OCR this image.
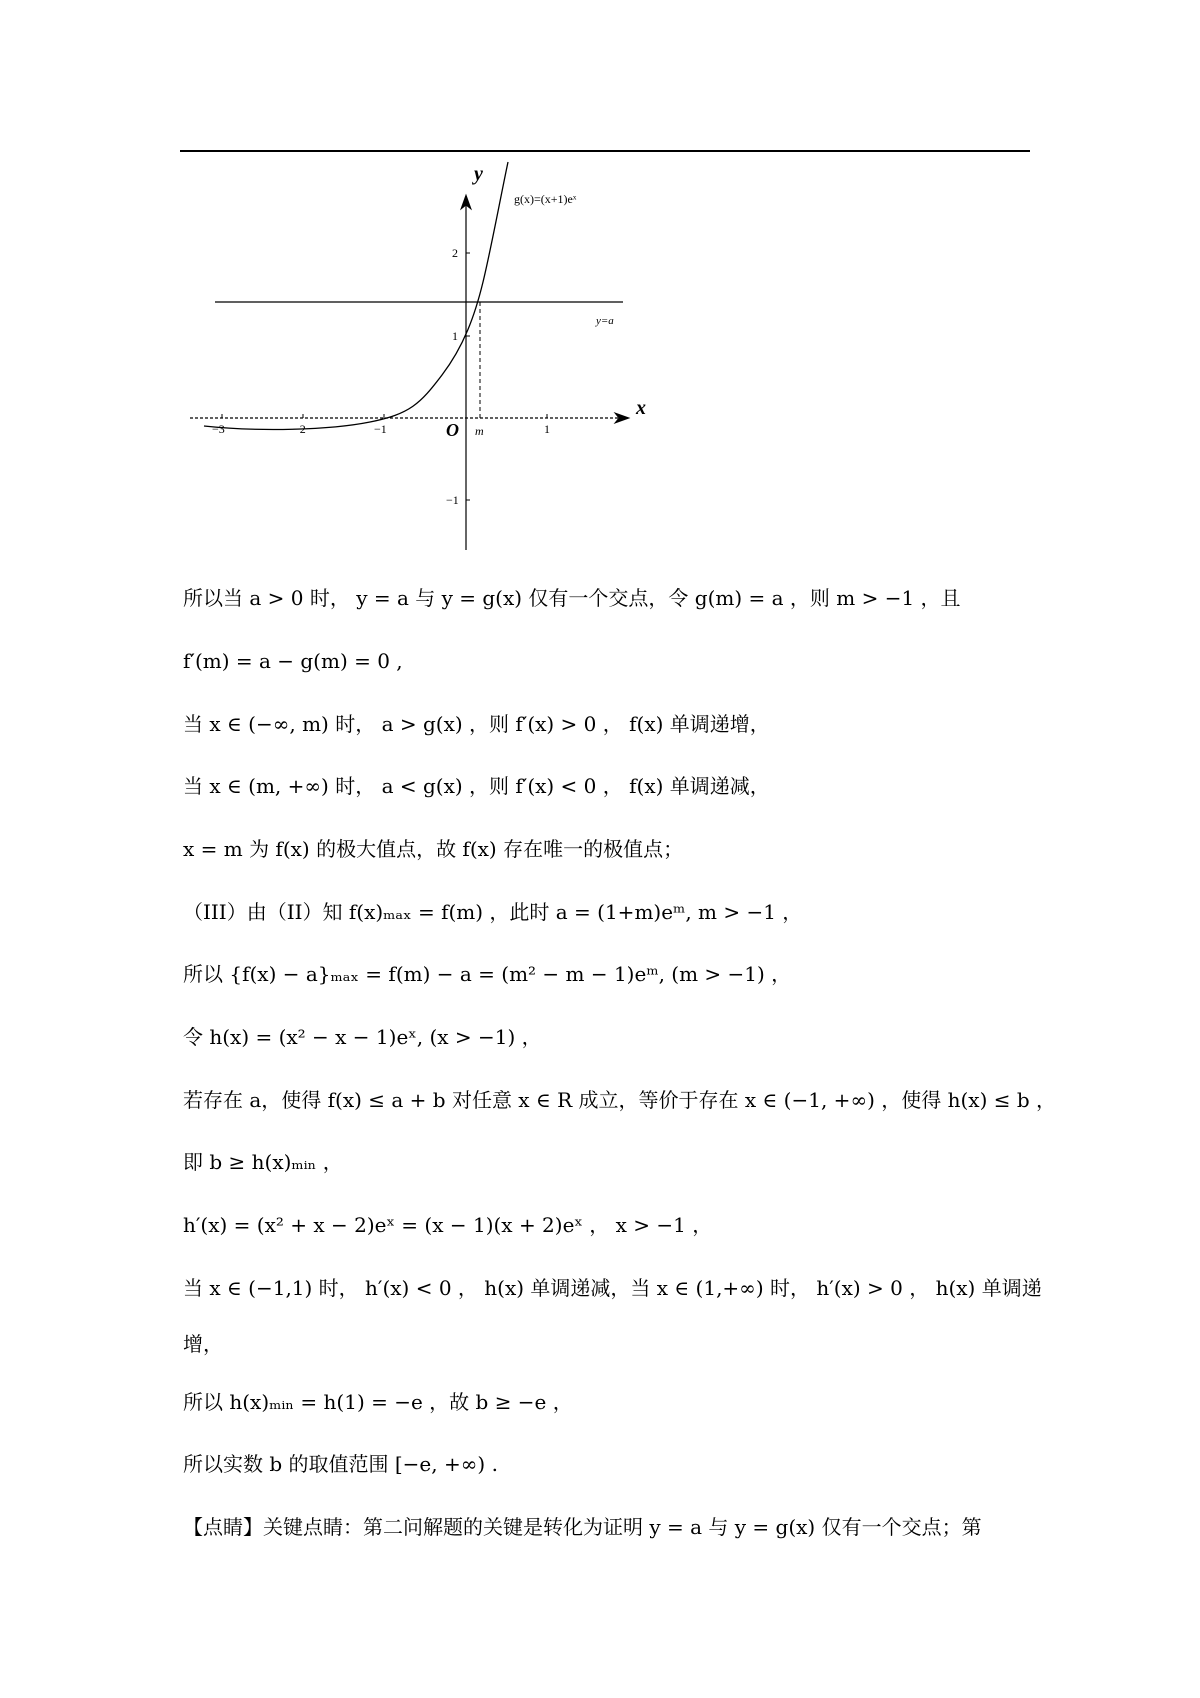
y
x
O
g(x)=(x+1)eˣ
y=a
m
−3	−2	−1	1
2
1
−1
所以当 a > 0 时， y = a 与 y = g(x) 仅有一个交点，令 g(m) = a ，则 m > −1 ，且
f′(m) = a − g(m) = 0 ,
当 x ∈ (−∞, m) 时， a > g(x) ，则 f′(x) > 0 ， f(x) 单调递增，
当 x ∈ (m, +∞) 时， a < g(x) ，则 f′(x) < 0 ， f(x) 单调递减，
x = m 为 f(x) 的极大值点，故 f(x) 存在唯一的极值点；
（III）由（II）知 f(x)ₘₐₓ = f(m) ，此时 a = (1+m)eᵐ, m > −1 ，
所以 {f(x) − a}ₘₐₓ = f(m) − a = (m² − m − 1)eᵐ, (m > −1) ，
令 h(x) = (x² − x − 1)eˣ, (x > −1) ，
若存在 a，使得 f(x) ≤ a + b 对任意 x ∈ R 成立，等价于存在 x ∈ (−1, +∞) ，使得 h(x) ≤ b ，
即 b ≥ h(x)ₘᵢₙ ，
h′(x) = (x² + x − 2)eˣ = (x − 1)(x + 2)eˣ ， x > −1 ，
当 x ∈ (−1,1) 时， h′(x) < 0 ， h(x) 单调递减，当 x ∈ (1,+∞) 时， h′(x) > 0 ， h(x) 单调递
增，
所以 h(x)ₘᵢₙ = h(1) = −e ，故 b ≥ −e ，
所以实数 b 的取值范围 [−e, +∞) .
【点睛】关键点睛：第二问解题的关键是转化为证明 y = a 与 y = g(x) 仅有一个交点；第
